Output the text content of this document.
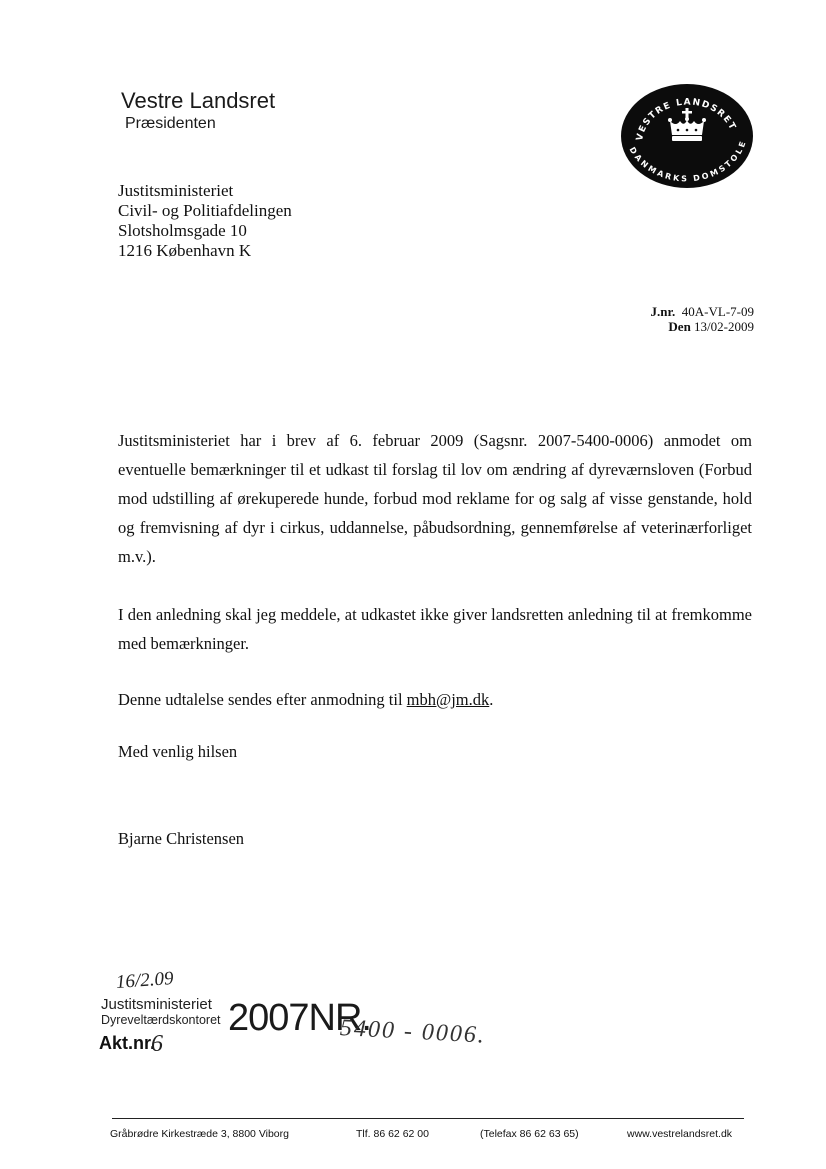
Vestre Landsret
Præsidenten
VESTRE LANDSRET
DANMARKS DOMSTOLE
Justitsministeriet
Civil- og Politiafdelingen
Slotsholmsgade 10
1216 København K
J.nr. 40A-VL-7-09
Den 13/02-2009
Justitsministeriet har i brev af 6. februar 2009 (Sagsnr. 2007-5400-0006) anmodet om eventuelle bemærkninger til et udkast til forslag til lov om ændring af dyreværnsloven (Forbud mod udstilling af ørekuperede hunde, forbud mod reklame for og salg af visse genstande, hold og fremvisning af dyr i cirkus, uddannelse, påbudsordning, gennemførelse af veterinærforliget m.v.).
I den anledning skal jeg meddele, at udkastet ikke giver landsretten anledning til at fremkomme med bemærkninger.
Denne udtalelse sendes efter anmodning til mbh@jm.dk.
Med venlig hilsen
Bjarne Christensen
16/2.09
Justitsministeriet
Dyreveltærdskontoret
Akt.nr.
6
2007NR.
5400 - 0006.
Gråbrødre Kirkestræde 3, 8800 Viborg	Tlf. 86 62 62 00	(Telefax 86 62 63 65)	www.vestrelandsret.dk
